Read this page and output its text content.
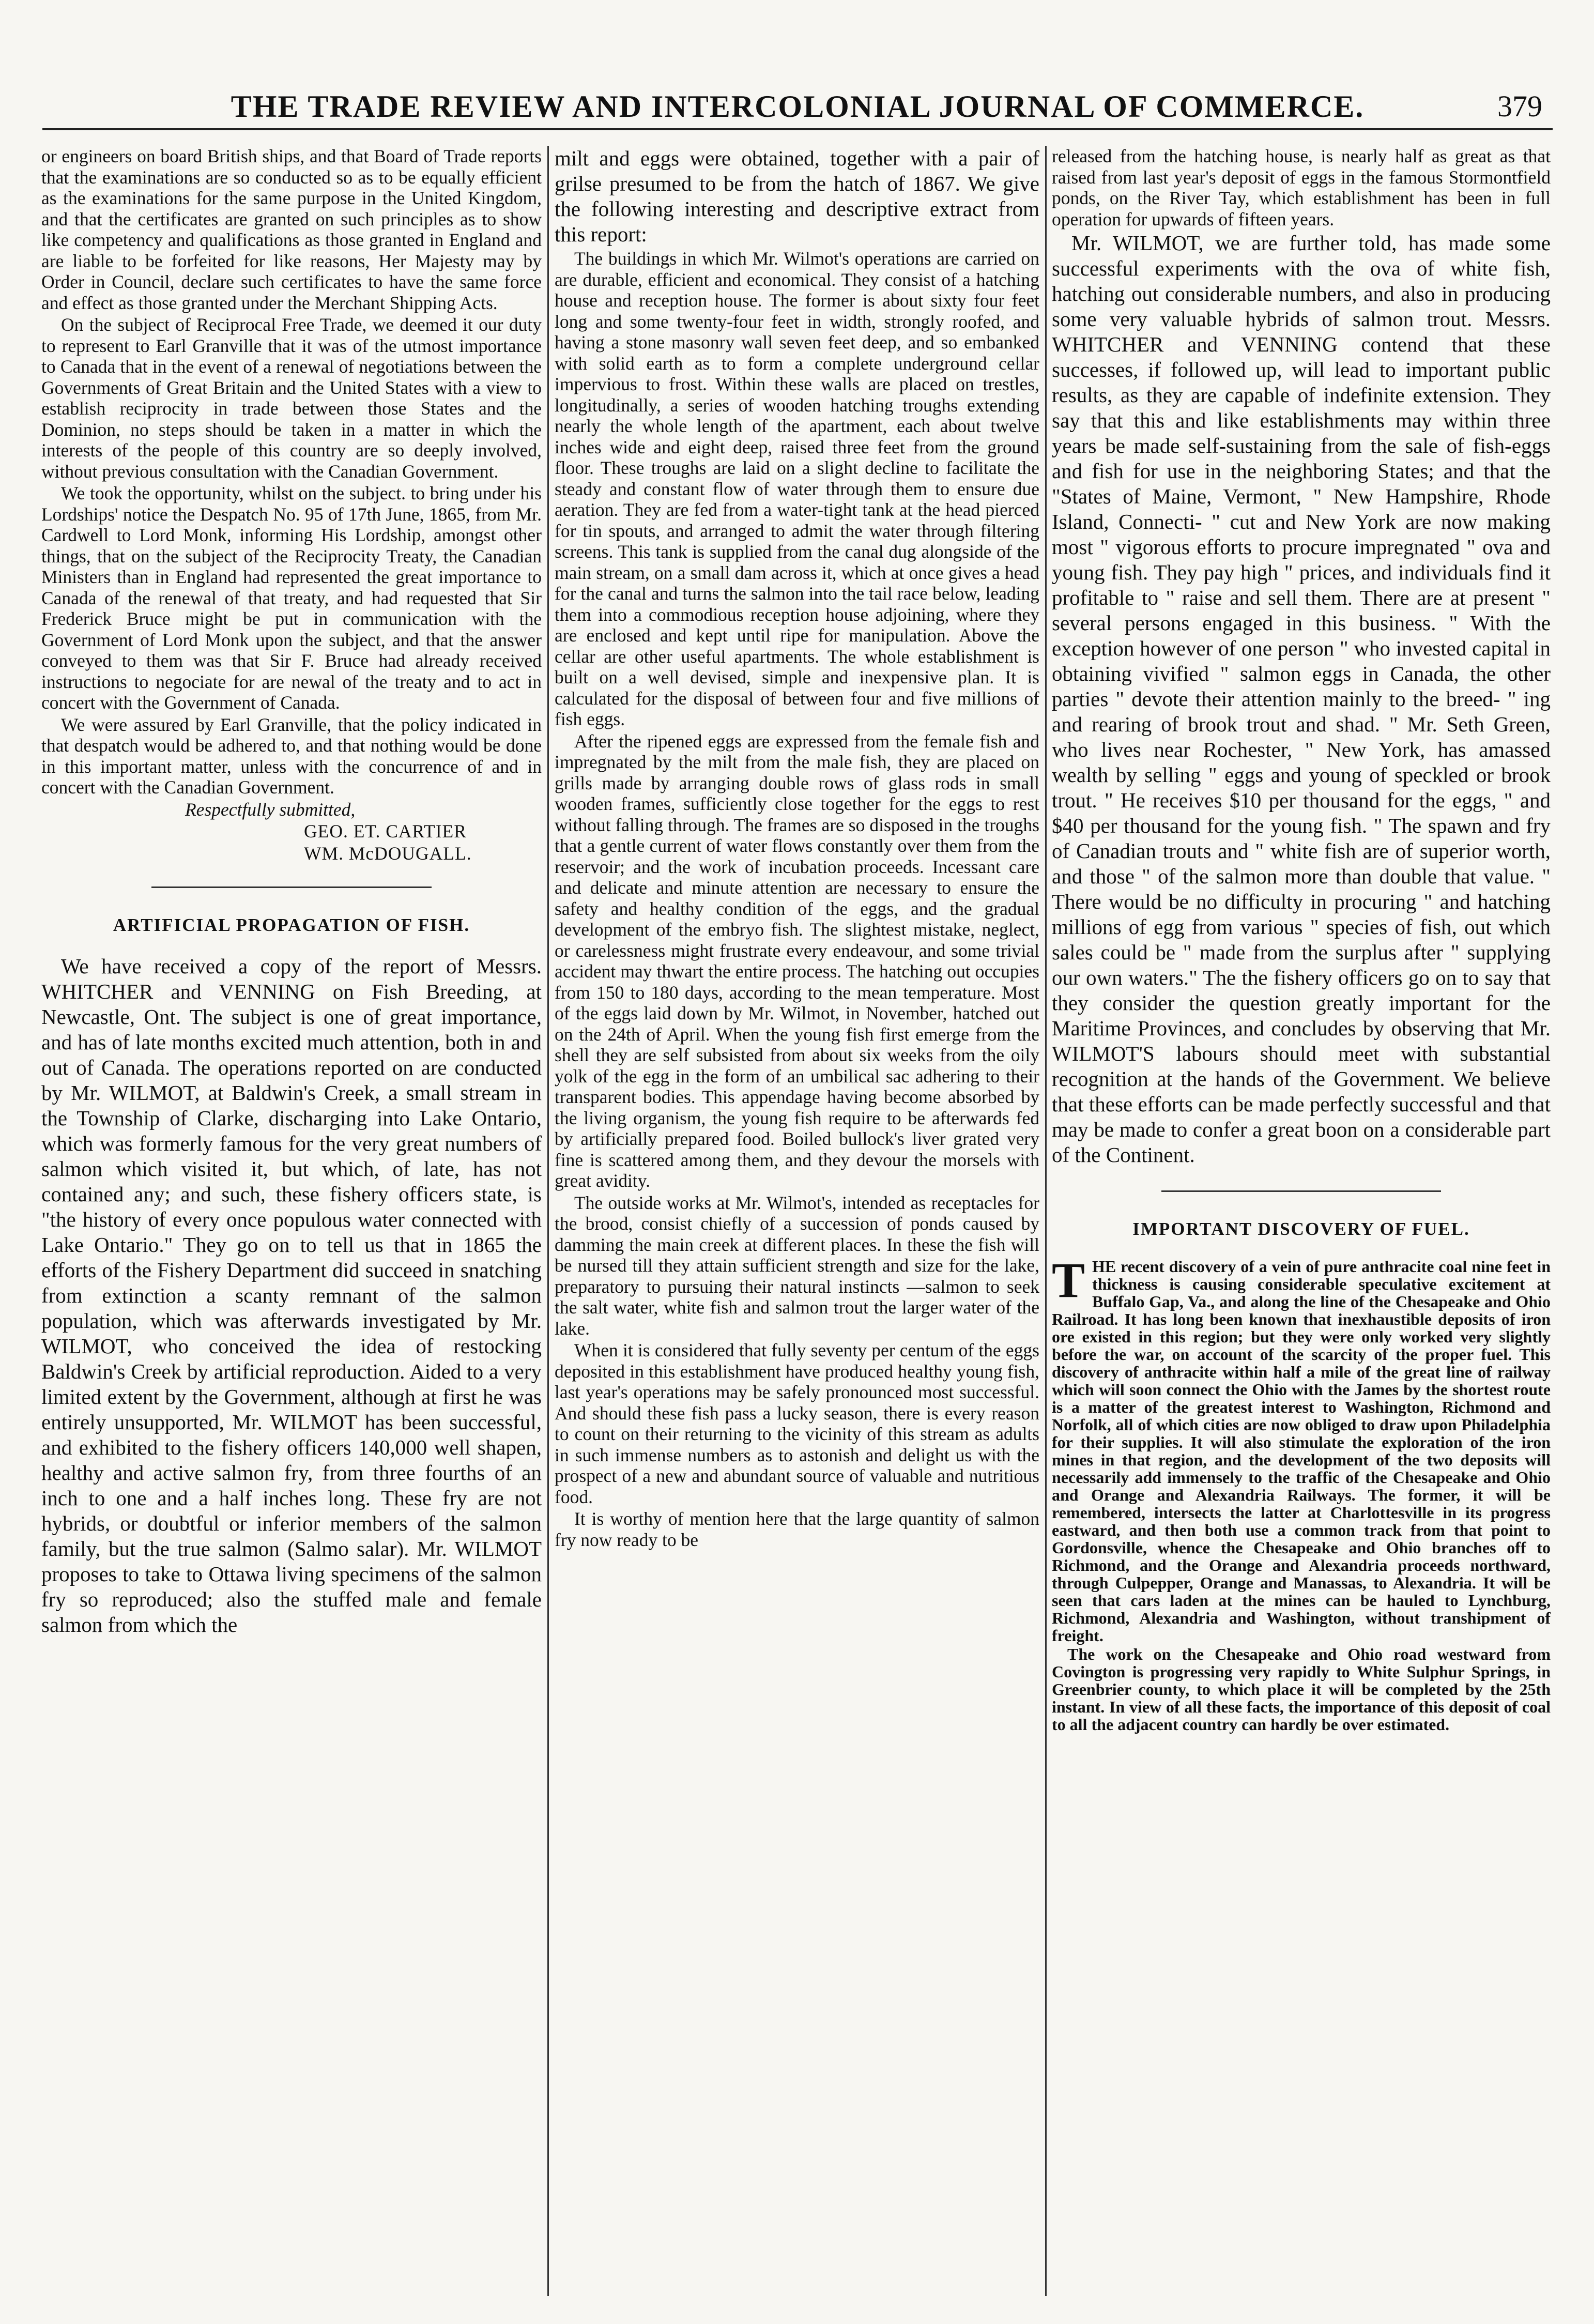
THE TRADE REVIEW AND INTERCOLONIAL JOURNAL OF COMMERCE.	379

or engineers on board British ships, and that Board of Trade reports that the examinations are so conducted so as to be equally efficient as the examinations for the same purpose in the United Kingdom, and that the certificates are granted on such principles as to show like competency and qualifications as those granted in England and are liable to be forfeited for like reasons, Her Majesty may by Order in Council, declare such certificates to have the same force and effect as those granted under the Merchant Shipping Acts.

On the subject of Reciprocal Free Trade, we deemed it our duty to represent to Earl Granville that it was of the utmost importance to Canada that in the event of a renewal of negotiations between the Governments of Great Britain and the United States with a view to establish reciprocity in trade between those States and the Dominion, no steps should be taken in a matter in which the interests of the people of this country are so deeply involved, without previous consultation with the Canadian Government.

We took the opportunity, whilst on the subject. to bring under his Lordships' notice the Despatch No. 95 of 17th June, 1865, from Mr. Cardwell to Lord Monk, informing His Lordship, amongst other things, that on the subject of the Reciprocity Treaty, the Canadian Ministers than in England had represented the great importance to Canada of the renewal of that treaty, and had requested that Sir Frederick Bruce might be put in communication with the Government of Lord Monk upon the subject, and that the answer conveyed to them was that Sir F. Bruce had already received instructions to negociate for are newal of the treaty and to act in concert with the Government of Canada.

We were assured by Earl Granville, that the policy indicated in that despatch would be adhered to, and that nothing would be done in this important matter, unless with the concurrence of and in concert with the Canadian Government.

Respectfully submitted,

GEO. ET. CARTIER

WM. McDOUGALL.

ARTIFICIAL PROPAGATION OF FISH.

We have received a copy of the report of Messrs. WHITCHER and VENNING on Fish Breeding, at Newcastle, Ont. The subject is one of great importance, and has of late months excited much attention, both in and out of Canada. The operations reported on are conducted by Mr. WILMOT, at Baldwin's Creek, a small stream in the Township of Clarke, discharging into Lake Ontario, which was formerly famous for the very great numbers of salmon which visited it, but which, of late, has not contained any; and such, these fishery officers state, is "the history of every once populous water connected with Lake Ontario." They go on to tell us that in 1865 the efforts of the Fishery Department did succeed in snatching from extinction a scanty remnant of the salmon population, which was afterwards investigated by Mr. WILMOT, who conceived the idea of restocking Baldwin's Creek by artificial reproduction. Aided to a very limited extent by the Government, although at first he was entirely unsupported, Mr. WILMOT has been successful, and exhibited to the fishery officers 140,000 well shapen, healthy and active salmon fry, from three fourths of an inch to one and a half inches long. These fry are not hybrids, or doubtful or inferior members of the salmon family, but the true salmon (Salmo salar). Mr. WILMOT proposes to take to Ottawa living specimens of the salmon fry so reproduced; also the stuffed male and female salmon from which the

milt and eggs were obtained, together with a pair of grilse presumed to be from the hatch of 1867. We give the following interesting and descriptive extract from this report:

The buildings in which Mr. Wilmot's operations are carried on are durable, efficient and economical. They consist of a hatching house and reception house. The former is about sixty four feet long and some twenty-four feet in width, strongly roofed, and having a stone masonry wall seven feet deep, and so embanked with solid earth as to form a complete underground cellar impervious to frost. Within these walls are placed on trestles, longitudinally, a series of wooden hatching troughs extending nearly the whole length of the apartment, each about twelve inches wide and eight deep, raised three feet from the ground floor. These troughs are laid on a slight decline to facilitate the steady and constant flow of water through them to ensure due aeration. They are fed from a water-tight tank at the head pierced for tin spouts, and arranged to admit the water through filtering screens. This tank is supplied from the canal dug alongside of the main stream, on a small dam across it, which at once gives a head for the canal and turns the salmon into the tail race below, leading them into a commodious reception house adjoining, where they are enclosed and kept until ripe for manipulation. Above the cellar are other useful apartments. The whole establishment is built on a well devised, simple and inexpensive plan. It is calculated for the disposal of between four and five millions of fish eggs.

After the ripened eggs are expressed from the female fish and impregnated by the milt from the male fish, they are placed on grills made by arranging double rows of glass rods in small wooden frames, sufficiently close together for the eggs to rest without falling through. The frames are so disposed in the troughs that a gentle current of water flows constantly over them from the reservoir; and the work of incubation proceeds. Incessant care and delicate and minute attention are necessary to ensure the safety and healthy condition of the eggs, and the gradual development of the embryo fish. The slightest mistake, neglect, or carelessness might frustrate every endeavour, and some trivial accident may thwart the entire process. The hatching out occupies from 150 to 180 days, according to the mean temperature. Most of the eggs laid down by Mr. Wilmot, in November, hatched out on the 24th of April. When the young fish first emerge from the shell they are self subsisted from about six weeks from the oily yolk of the egg in the form of an umbilical sac adhering to their transparent bodies. This appendage having become absorbed by the living organism, the young fish require to be afterwards fed by artificially prepared food. Boiled bullock's liver grated very fine is scattered among them, and they devour the morsels with great avidity.

The outside works at Mr. Wilmot's, intended as receptacles for the brood, consist chiefly of a succession of ponds caused by damming the main creek at different places. In these the fish will be nursed till they attain sufficient strength and size for the lake, preparatory to pursuing their natural instincts —salmon to seek the salt water, white fish and salmon trout the larger water of the lake.

When it is considered that fully seventy per centum of the eggs deposited in this establishment have produced healthy young fish, last year's operations may be safely pronounced most successful. And should these fish pass a lucky season, there is every reason to count on their returning to the vicinity of this stream as adults in such immense numbers as to astonish and delight us with the prospect of a new and abundant source of valuable and nutritious food.

It is worthy of mention here that the large quantity of salmon fry now ready to be

released from the hatching house, is nearly half as great as that raised from last year's deposit of eggs in the famous Stormontfield ponds, on the River Tay, which establishment has been in full operation for upwards of fifteen years.

Mr. WILMOT, we are further told, has made some successful experiments with the ova of white fish, hatching out considerable numbers, and also in producing some very valuable hybrids of salmon trout. Messrs. WHITCHER and VENNING contend that these successes, if followed up, will lead to important public results, as they are capable of indefinite extension. They say that this and like establishments may within three years be made self-sustaining from the sale of fish-eggs and fish for use in the neighboring States; and that the "States of Maine, Vermont, " New Hampshire, Rhode Island, Connecti- " cut and New York are now making most " vigorous efforts to procure impregnated " ova and young fish. They pay high " prices, and individuals find it profitable to " raise and sell them. There are at present " several persons engaged in this business. " With the exception however of one person " who invested capital in obtaining vivified " salmon eggs in Canada, the other parties " devote their attention mainly to the breed- " ing and rearing of brook trout and shad. " Mr. Seth Green, who lives near Rochester, " New York, has amassed wealth by selling " eggs and young of speckled or brook trout. " He receives $10 per thousand for the eggs, " and $40 per thousand for the young fish. " The spawn and fry of Canadian trouts and " white fish are of superior worth, and those " of the salmon more than double that value. " There would be no difficulty in procuring " and hatching millions of egg from various " species of fish, out which sales could be " made from the surplus after " supplying our own waters." The the fishery officers go on to say that they consider the question greatly important for the Maritime Provinces, and concludes by observing that Mr. WILMOT'S labours should meet with substantial recognition at the hands of the Government. We believe that these efforts can be made perfectly successful and that may be made to confer a great boon on a considerable part of the Continent.

IMPORTANT DISCOVERY OF FUEL.

THE recent discovery of a vein of pure anthracite coal nine feet in thickness is causing considerable speculative excitement at Buffalo Gap, Va., and along the line of the Chesapeake and Ohio Railroad. It has long been known that inexhaustible deposits of iron ore existed in this region; but they were only worked very slightly before the war, on account of the scarcity of the proper fuel. This discovery of anthracite within half a mile of the great line of railway which will soon connect the Ohio with the James by the shortest route is a matter of the greatest interest to Washington, Richmond and Norfolk, all of which cities are now obliged to draw upon Philadelphia for their supplies. It will also stimulate the exploration of the iron mines in that region, and the development of the two deposits will necessarily add immensely to the traffic of the Chesapeake and Ohio and Orange and Alexandria Railways. The former, it will be remembered, intersects the latter at Charlottesville in its progress eastward, and then both use a common track from that point to Gordonsville, whence the Chesapeake and Ohio branches off to Richmond, and the Orange and Alexandria proceeds northward, through Culpepper, Orange and Manassas, to Alexandria. It will be seen that cars laden at the mines can be hauled to Lynchburg, Richmond, Alexandria and Washington, without transhipment of freight.

The work on the Chesapeake and Ohio road westward from Covington is progressing very rapidly to White Sulphur Springs, in Greenbrier county, to which place it will be completed by the 25th instant. In view of all these facts, the importance of this deposit of coal to all the adjacent country can hardly be over estimated.
